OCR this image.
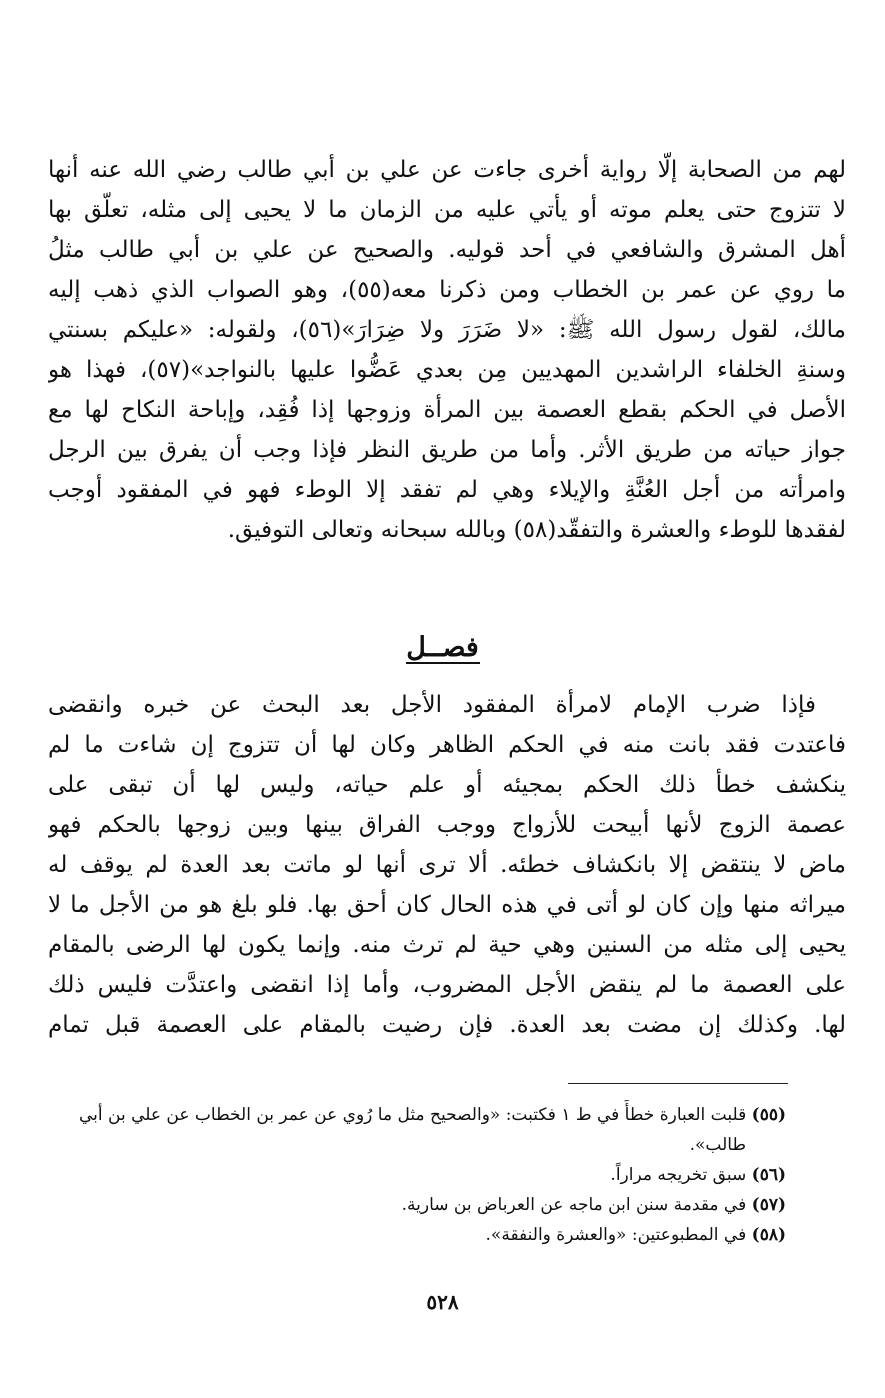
لهم من الصحابة إلّا رواية أخرى جاءت عن علي بن أبي طالب رضي الله عنه أنها
لا تتزوج حتى يعلم موته أو يأتي عليه من الزمان ما لا يحيى إلى مثله، تعلّق بها
أهل المشرق والشافعي في أحد قوليه. والصحيح عن علي بن أبي طالب مثلُ
ما روي عن عمر بن الخطاب ومن ذكرنا معه(٥٥)، وهو الصواب الذي ذهب إليه
مالك، لقول رسول الله ﷺ: «لا ضَرَرَ ولا ضِرَارَ»(٥٦)، ولقوله: «عليكم بسنتي
وسنةِ الخلفاء الراشدين المهديين مِن بعدي عَضُّوا عليها بالنواجد»(٥٧)، فهذا هو
الأصل في الحكم بقطع العصمة بين المرأة وزوجها إذا فُقِد، وإباحة النكاح لها مع
جواز حياته من طريق الأثر. وأما من طريق النظر فإذا وجب أن يفرق بين الرجل
وامرأته من أجل العُنَّةِ والإيلاء وهي لم تفقد إلا الوطء فهو في المفقود أوجب
لفقدها للوطء والعشرة والتفقّد(٥٨) وبالله سبحانه وتعالى التوفيق.
فصــل
فإذا ضرب الإمام لامرأة المفقود الأجل بعد البحث عن خبره وانقضى
فاعتدت فقد بانت منه في الحكم الظاهر وكان لها أن تتزوج إن شاءت ما لم
ينكشف خطأ ذلك الحكم بمجيئه أو علم حياته، وليس لها أن تبقى على
عصمة الزوج لأنها أبيحت للأزواج ووجب الفراق بينها وبين زوجها بالحكم فهو
ماض لا ينتقض إلا بانكشاف خطئه. ألا ترى أنها لو ماتت بعد العدة لم يوقف له
ميراثه منها وإن كان لو أتى في هذه الحال كان أحق بها. فلو بلغ هو من الأجل ما لا
يحيى إلى مثله من السنين وهي حية لم ترث منه. وإنما يكون لها الرضى بالمقام
على العصمة ما لم ينقض الأجل المضروب، وأما إذا انقضى واعتدَّت فليس ذلك
لها. وكذلك إن مضت بعد العدة. فإن رضيت بالمقام على العصمة قبل تمام
(٥٥) قلبت العبارة خطأً في ط ١ فكتبت: «والصحيح مثل ما رُوي عن عمر بن الخطاب عن علي بن أبي
طالب».
(٥٦) سبق تخريجه مراراً.
(٥٧) في مقدمة سنن ابن ماجه عن العرباض بن سارية.
(٥٨) في المطبوعتين: «والعشرة والنفقة».
٥٢٨
